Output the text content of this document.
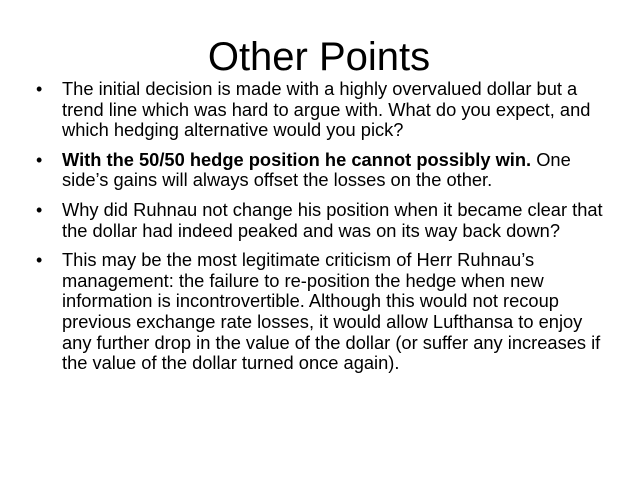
Other Points
• The initial decision is made with a highly overvalued dollar but a trend line which was hard to argue with. What do you expect, and which hedging alternative would you pick?
• With the 50/50 hedge position he cannot possibly win. One side’s gains will always offset the losses on the other.
• Why did Ruhnau not change his position when it became clear that the dollar had indeed peaked and was on its way back down?
• This may be the most legitimate criticism of Herr Ruhnau’s management: the failure to re-position the hedge when new information is incontrovertible. Although this would not recoup previous exchange rate losses, it would allow Lufthansa to enjoy any further drop in the value of the dollar (or suffer any increases if the value of the dollar turned once again).
